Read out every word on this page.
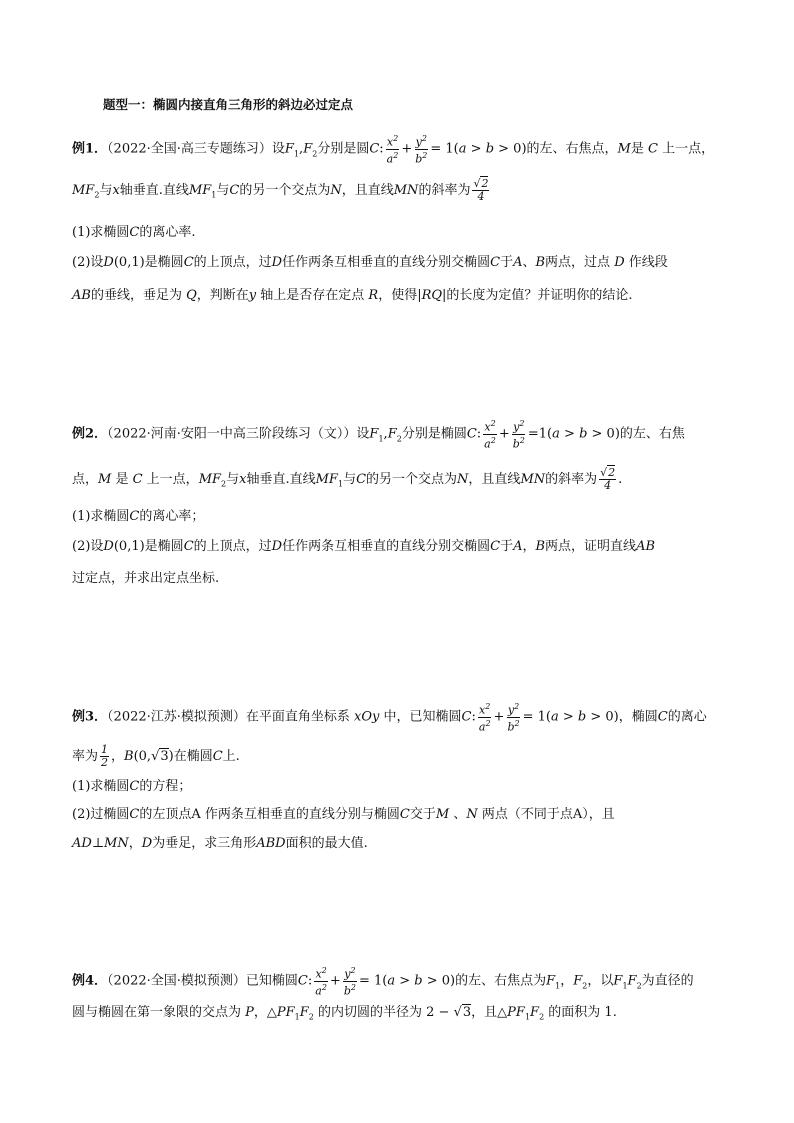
题型一：椭圆内接直角三角形的斜边必过定点
例1．（2022·全国·高三专题练习）设$F_1,F_2$分别是圆C: $\frac{x^2}{a^2} + \frac{y^2}{b^2} = 1(a > b > 0)$的左、右焦点，M是 C 上一点，
$MF_2$与x轴垂直.直线$MF_1$与C的另一个交点为N，且直线MN的斜率为 $\frac{√2}{4}$
(1)求椭圆C的离心率.
(2)设D(0,1)是椭圆C的上顶点，过D任作两条互相垂直的直线分别交椭圆C于A、B两点，过点 D 作线段
AB的垂线，垂足为 Q，判断在y 轴上是否存在定点 R，使得|RQ|的长度为定值？并证明你的结论.
例2．（2022·河南·安阳一中高三阶段练习（文））设$F_1,F_2$分别是椭圆C: $\frac{x^2}{a^2} + \frac{y^2}{b^2} =1(a > b > 0)$的左、右焦
点，M 是 C 上一点，$MF_2$与x轴垂直.直线$MF_1$与C的另一个交点为N，且直线MN的斜率为 $\frac{√2}{4}$ .
(1)求椭圆C的离心率；
(2)设D(0,1)是椭圆C的上顶点，过D任作两条互相垂直的直线分别交椭圆C于A，B两点，证明直线AB
过定点，并求出定点坐标.
例3．（2022·江苏·模拟预测）在平面直角坐标系 xOy 中，已知椭圆C: $\frac{x^2}{a^2} + \frac{y^2}{b^2} = 1(a > b > 0)$，椭圆C的离心
率为 $\frac{1}{2}$ ，B(0,√3)在椭圆C上.
(1)求椭圆C的方程；
(2)过椭圆C的左顶点A 作两条互相垂直的直线分别与椭圆C交于M 、N 两点（不同于点A），且
AD⊥MN，D为垂足，求三角形ABD面积的最大值.
例4．（2022·全国·模拟预测）已知椭圆C: $\frac{x^2}{a^2} + \frac{y^2}{b^2} = 1(a > b > 0)$的左、右焦点为$F_1$，$F_2$，以$F_1F_2$为直径的
圆与椭圆在第一象限的交点为 P，$\triangle PF_1F_2$ 的内切圆的半径为 2 − √3，且$\triangle PF_1F_2$ 的面积为 1.
